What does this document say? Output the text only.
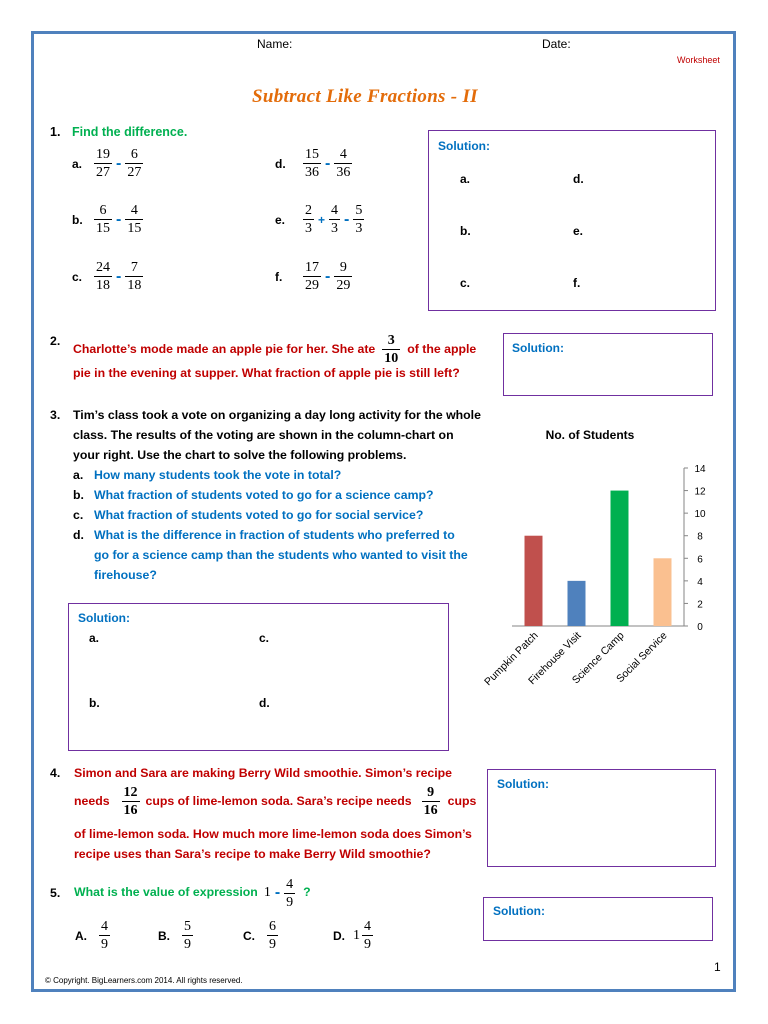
Name:	Date:
Worksheet
Subtract Like Fractions - II
1. Find the difference.
a. $\frac{19}{27} - \frac{6}{27}$
b. $\frac{6}{15} - \frac{4}{15}$
c. $\frac{24}{18} - \frac{7}{18}$
d. $\frac{15}{36} - \frac{4}{36}$
e. $\frac{2}{3} + \frac{4}{3} - \frac{5}{3}$
f. $\frac{17}{29} - \frac{9}{29}$
Solution:
a.	d.
b.	e.
c.	f.
2.
Charlotte’s mode made an apple pie for her. She ate $\frac{3}{10}$ of the apple
pie in the evening at supper. What fraction of apple pie is still left?
Solution:
3. Tim’s class took a vote on organizing a day long activity for the whole
class. The results of the voting are shown in the column-chart on
your right. Use the chart to solve the following problems.
a. How many students took the vote in total?
b. What fraction of students voted to go for a science camp?
c. What fraction of students voted to go for social service?
d. What is the difference in fraction of students who preferred to
go for a science camp than the students who wanted to visit the
firehouse?
No. of Students
0
2
4
6
8
10
12
14
Pumpkin Patch
Firehouse Visit
Science Camp
Social Service
Solution:
a.	c.
b.	d.
4. Simon and Sara are making Berry Wild smoothie. Simon’s recipe
needs $\frac{12}{16}$ cups of lime-lemon soda. Sara’s recipe needs $\frac{9}{16}$ cups
of lime-lemon soda. How much more lime-lemon soda does Simon’s
recipe uses than Sara’s recipe to make Berry Wild smoothie?
Solution:
5. What is the value of expression $1 - \frac{4}{9}$ ?
A. $\frac{4}{9}$	B. $\frac{5}{9}$	C. $\frac{6}{9}$	D. $1 \frac{4}{9}$
Solution:
1
© Copyright. BigLearners.com 2014. All rights reserved.
